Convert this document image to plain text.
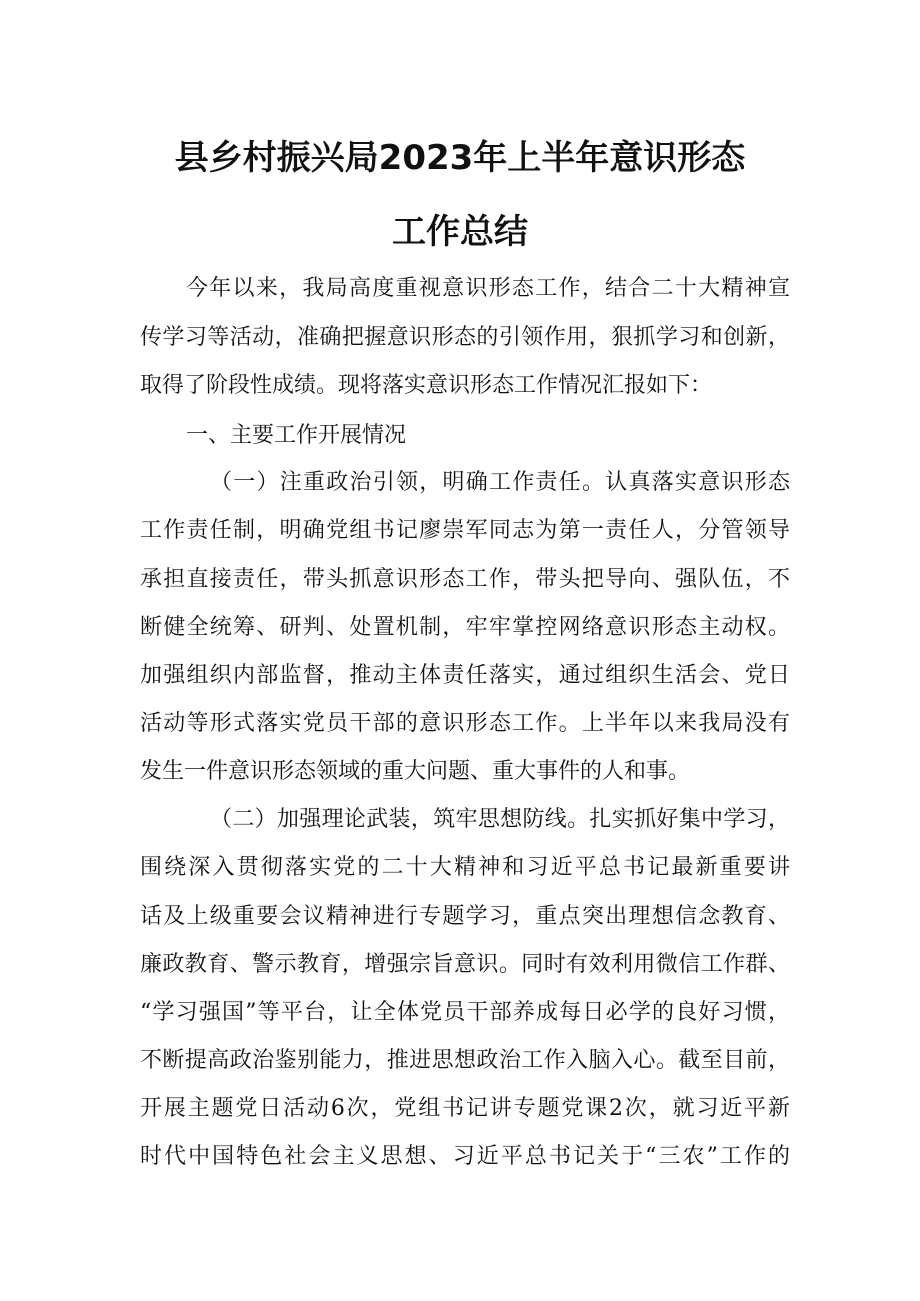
县乡村振兴局2023年上半年意识形态
工作总结
今年以来，我局高度重视意识形态工作，结合二十大精神宣
传学习等活动，准确把握意识形态的引领作用，狠抓学习和创新，
取得了阶段性成绩。现将落实意识形态工作情况汇报如下：
一、主要工作开展情况
（一）注重政治引领，明确工作责任。认真落实意识形态
工作责任制，明确党组书记廖崇军同志为第一责任人，分管领导
承担直接责任，带头抓意识形态工作，带头把导向、强队伍，不
断健全统筹、研判、处置机制，牢牢掌控网络意识形态主动权。
加强组织内部监督，推动主体责任落实，通过组织生活会、党日
活动等形式落实党员干部的意识形态工作。上半年以来我局没有
发生一件意识形态领域的重大问题、重大事件的人和事。
（二）加强理论武装，筑牢思想防线。扎实抓好集中学习，
围绕深入贯彻落实党的二十大精神和习近平总书记最新重要讲
话及上级重要会议精神进行专题学习，重点突出理想信念教育、
廉政教育、警示教育，增强宗旨意识。同时有效利用微信工作群、
“学习强国”等平台，让全体党员干部养成每日必学的良好习惯，
不断提高政治鉴别能力，推进思想政治工作入脑入心。截至目前，
开展主题党日活动6次，党组书记讲专题党课2次，就习近平新
时代中国特色社会主义思想、习近平总书记关于“三农”工作的
